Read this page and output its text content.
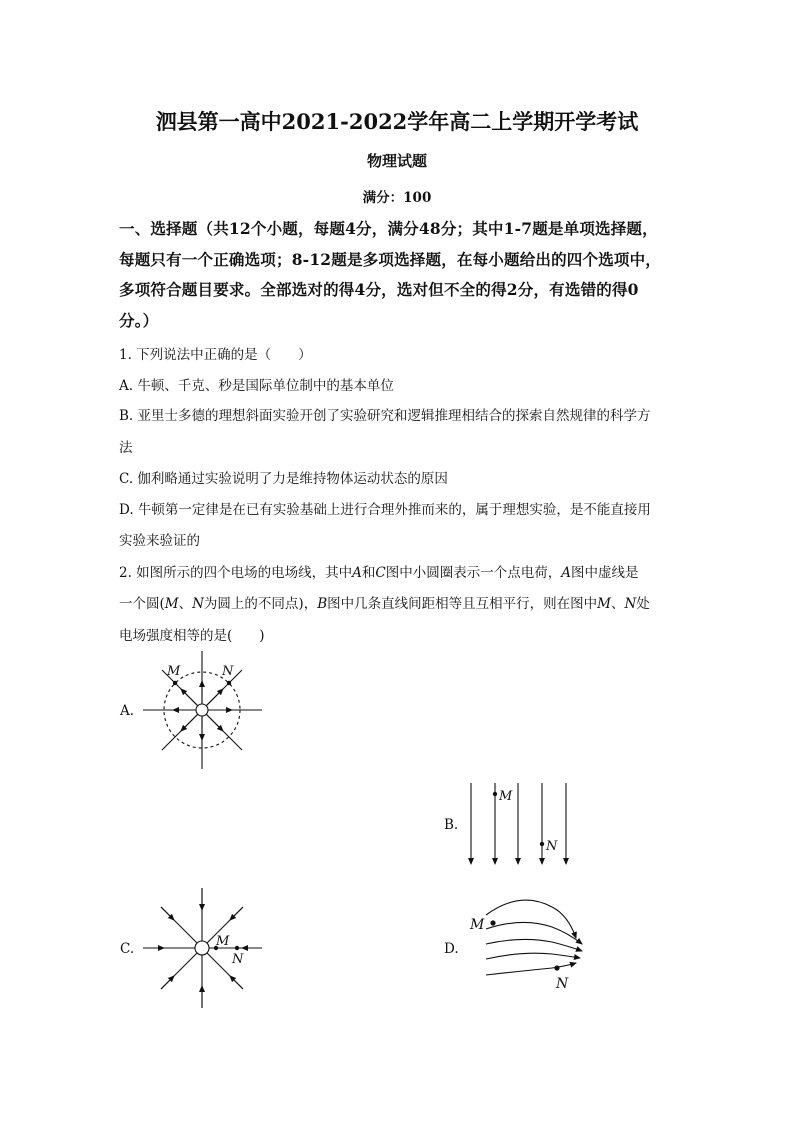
泗县第一高中2021-2022学年高二上学期开学考试
物理试题
满分：100
一、选择题（共12个小题，每题4分，满分48分；其中1-7题是单项选择题，
每题只有一个正确选项；8-12题是多项选择题，在每小题给出的四个选项中，
多项符合题目要求。全部选对的得4分，选对但不全的得2分，有选错的得0
分。）
1. 下列说法中正确的是（　　）
A. 牛顿、千克、秒是国际单位制中的基本单位
B. 亚里士多德的理想斜面实验开创了实验研究和逻辑推理相结合的探索自然规律的科学方
法
C. 伽利略通过实验说明了力是维持物体运动状态的原因
D. 牛顿第一定律是在已有实验基础上进行合理外推而来的，属于理想实验，是不能直接用
实验来验证的
2. 如图所示的四个电场的电场线，其中A和C图中小圆圈表示一个点电荷，A图中虚线是
一个圆(M、N为圆上的不同点)，B图中几条直线间距相等且互相平行，则在图中M、N处
电场强度相等的是(　　)
A.
B.
C.	D.
M	N
M
N
M
N
M
N
